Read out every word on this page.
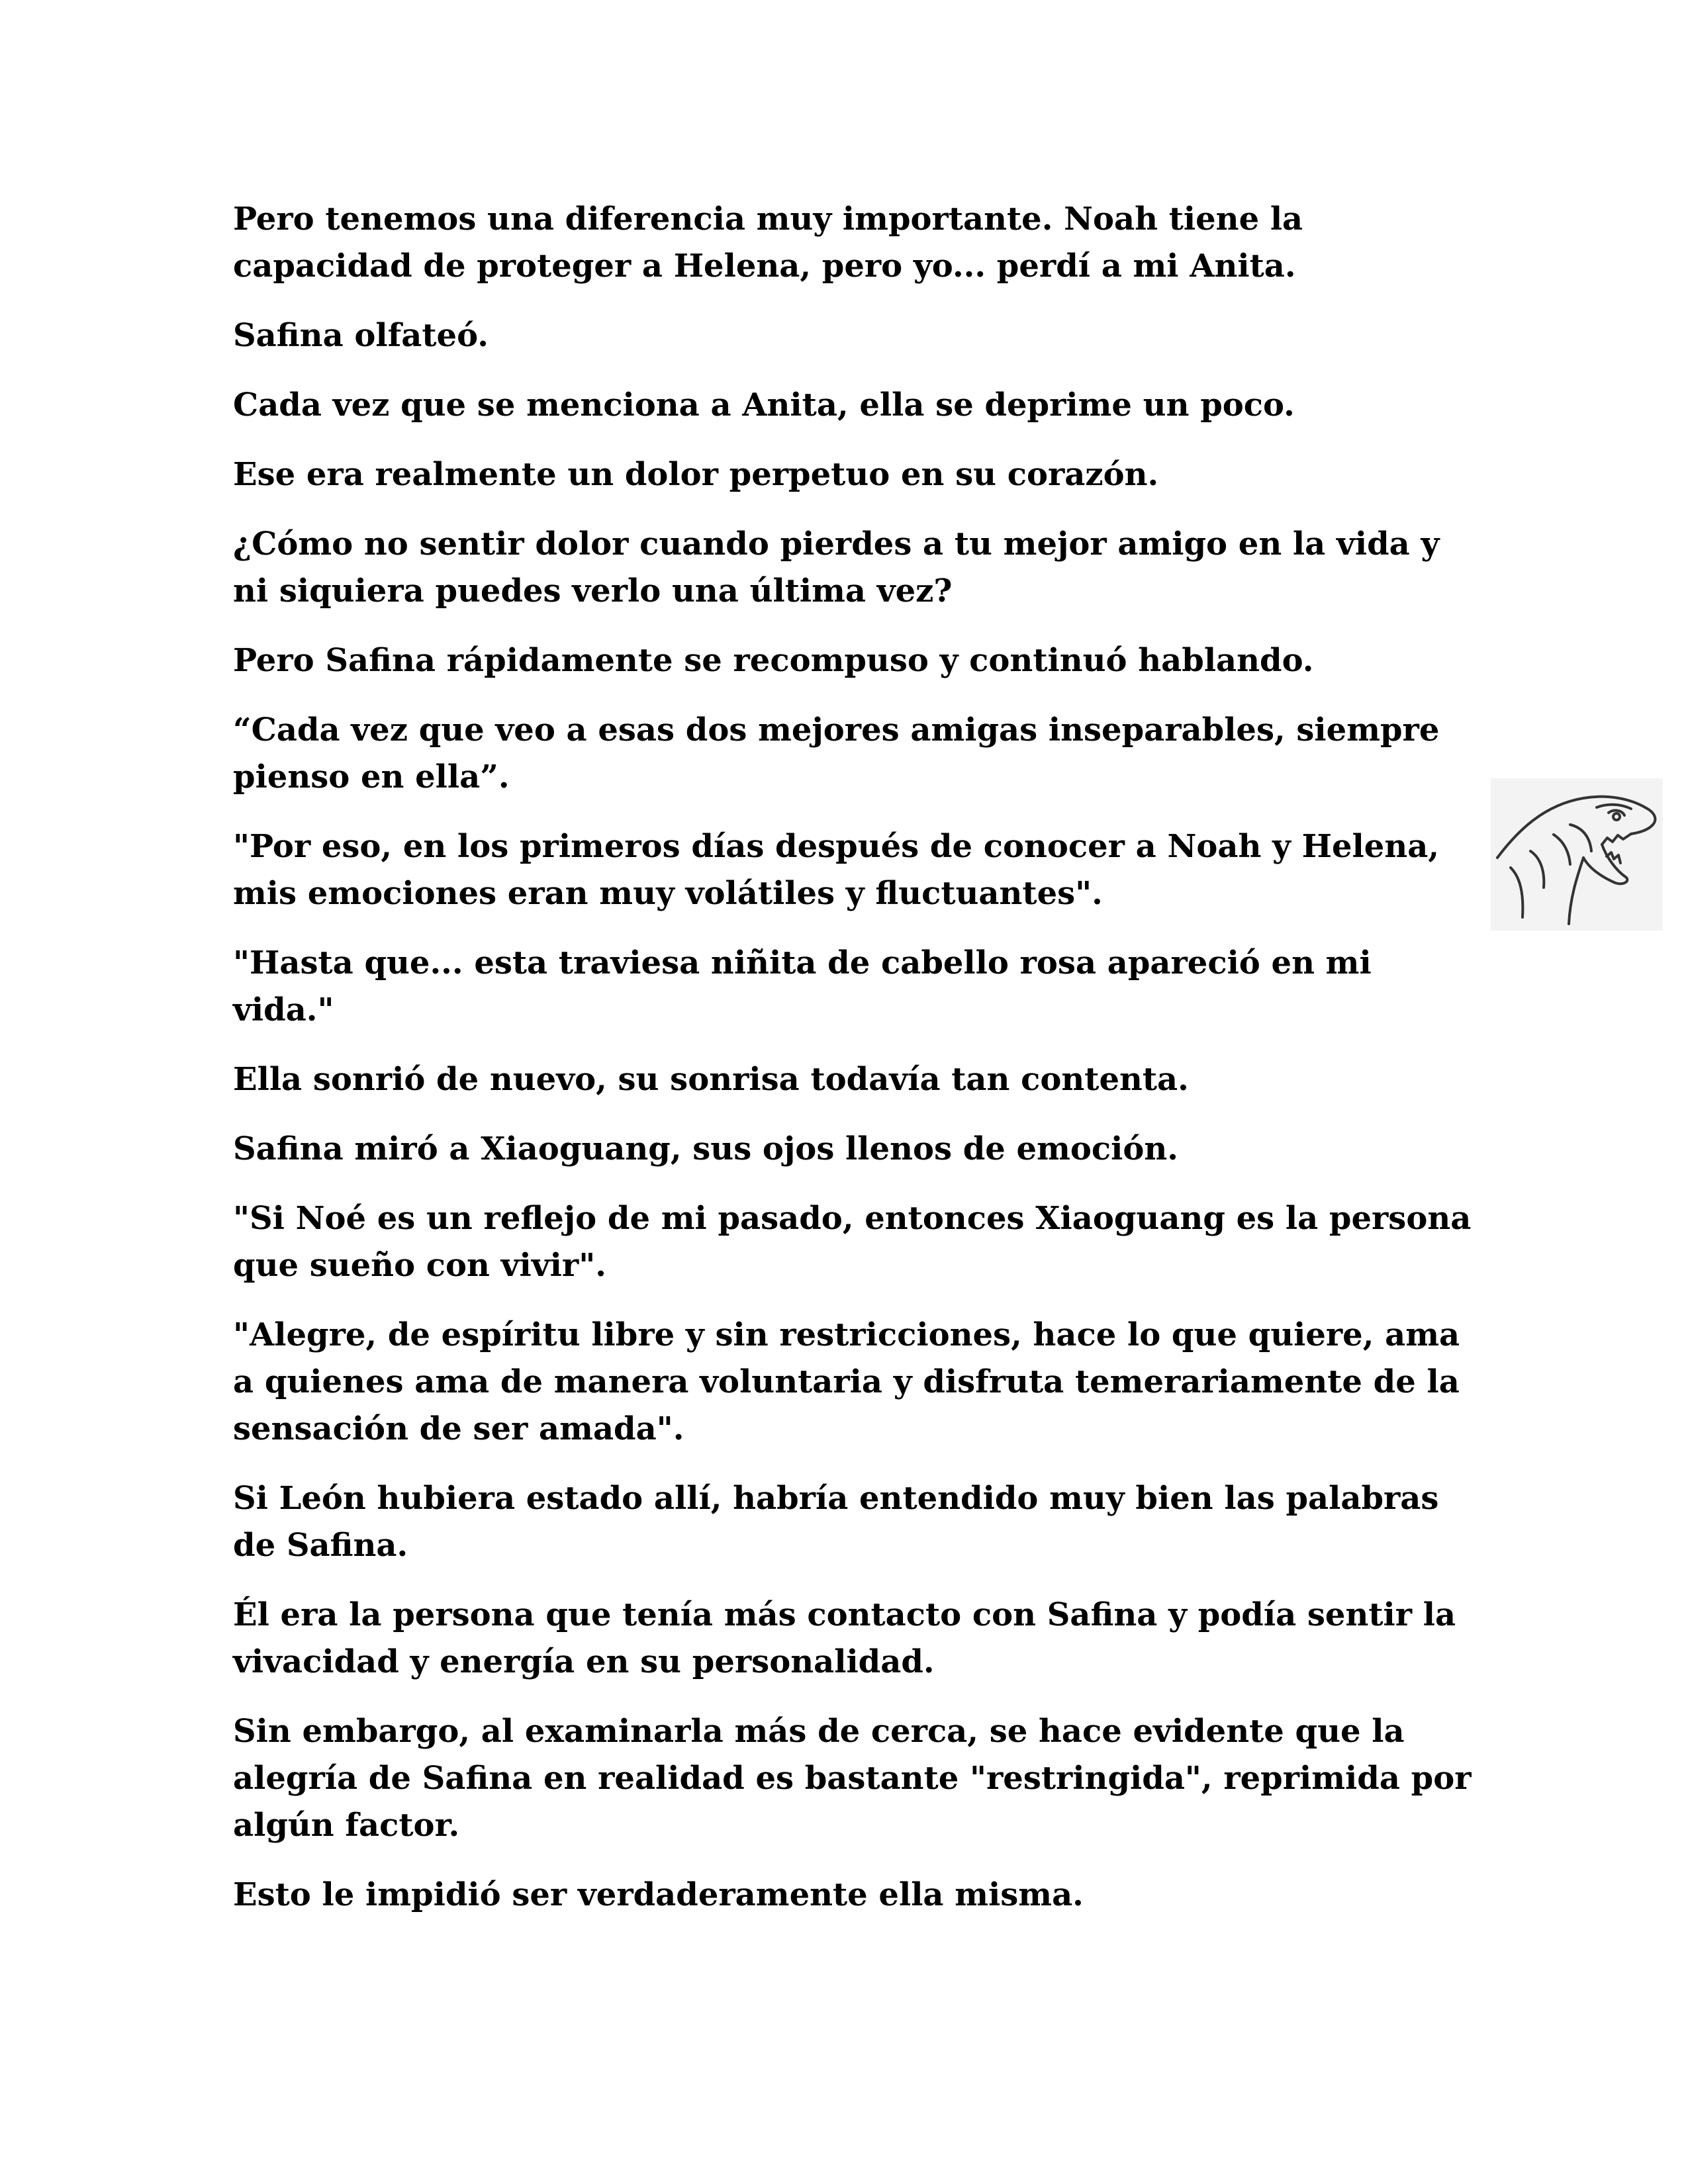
Pero tenemos una diferencia muy importante. Noah tiene la capacidad de proteger a Helena, pero yo... perdí a mi Anita.

Safina olfateó.

Cada vez que se menciona a Anita, ella se deprime un poco.

Ese era realmente un dolor perpetuo en su corazón.

¿Cómo no sentir dolor cuando pierdes a tu mejor amigo en la vida y ni siquiera puedes verlo una última vez?

Pero Safina rápidamente se recompuso y continuó hablando.

“Cada vez que veo a esas dos mejores amigas inseparables, siempre pienso en ella”.

"Por eso, en los primeros días después de conocer a Noah y Helena, mis emociones eran muy volátiles y fluctuantes".

"Hasta que... esta traviesa niñita de cabello rosa apareció en mi vida."

Ella sonrió de nuevo, su sonrisa todavía tan contenta.

Safina miró a Xiaoguang, sus ojos llenos de emoción.

"Si Noé es un reflejo de mi pasado, entonces Xiaoguang es la persona que sueño con vivir".

"Alegre, de espíritu libre y sin restricciones, hace lo que quiere, ama a quienes ama de manera voluntaria y disfruta temerariamente de la sensación de ser amada".

Si León hubiera estado allí, habría entendido muy bien las palabras de Safina.

Él era la persona que tenía más contacto con Safina y podía sentir la vivacidad y energía en su personalidad.

Sin embargo, al examinarla más de cerca, se hace evidente que la alegría de Safina en realidad es bastante "restringida", reprimida por algún factor.

Esto le impidió ser verdaderamente ella misma.
